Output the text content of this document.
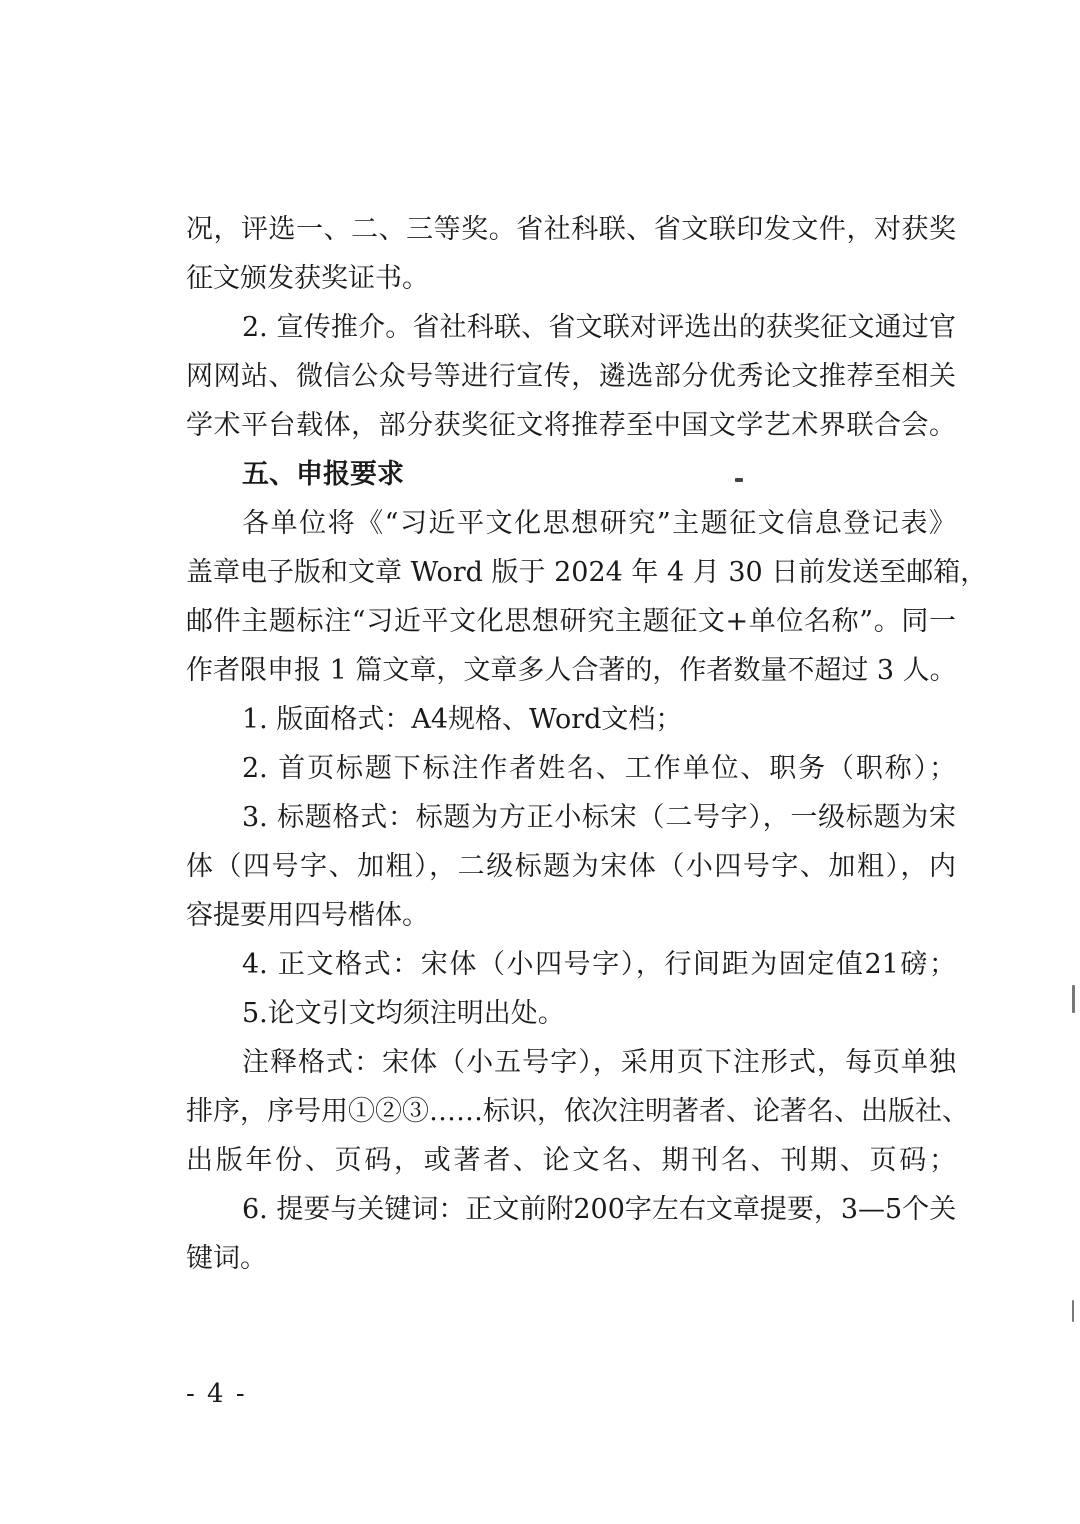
况，评选一、二、三等奖。省社科联、省文联印发文件，对获奖
征文颁发获奖证书。
2. 宣传推介。省社科联、省文联对评选出的获奖征文通过官
网网站、微信公众号等进行宣传，遴选部分优秀论文推荐至相关
学术平台载体，部分获奖征文将推荐至中国文学艺术界联合会。
五、申报要求
各单位将《“习近平文化思想研究”主题征文信息登记表》
盖章电子版和文章 Word 版于 2024 年 4 月 30 日前发送至邮箱，
邮件主题标注“习近平文化思想研究主题征文+单位名称”。同一
作者限申报 1 篇文章，文章多人合著的，作者数量不超过 3 人。
1. 版面格式：A4规格、Word文档；
2. 首页标题下标注作者姓名、工作单位、职务（职称）；
3. 标题格式：标题为方正小标宋（二号字），一级标题为宋
体（四号字、加粗），二级标题为宋体（小四号字、加粗），内
容提要用四号楷体。
4. 正文格式：宋体（小四号字），行间距为固定值21磅；
5.论文引文均须注明出处。
注释格式：宋体（小五号字），采用页下注形式，每页单独
排序，序号用①②③……标识，依次注明著者、论著名、出版社、
出版年份、页码，或著者、论文名、期刊名、刊期、页码；
6. 提要与关键词：正文前附200字左右文章提要，3—5个关
键词。
- 4 -
